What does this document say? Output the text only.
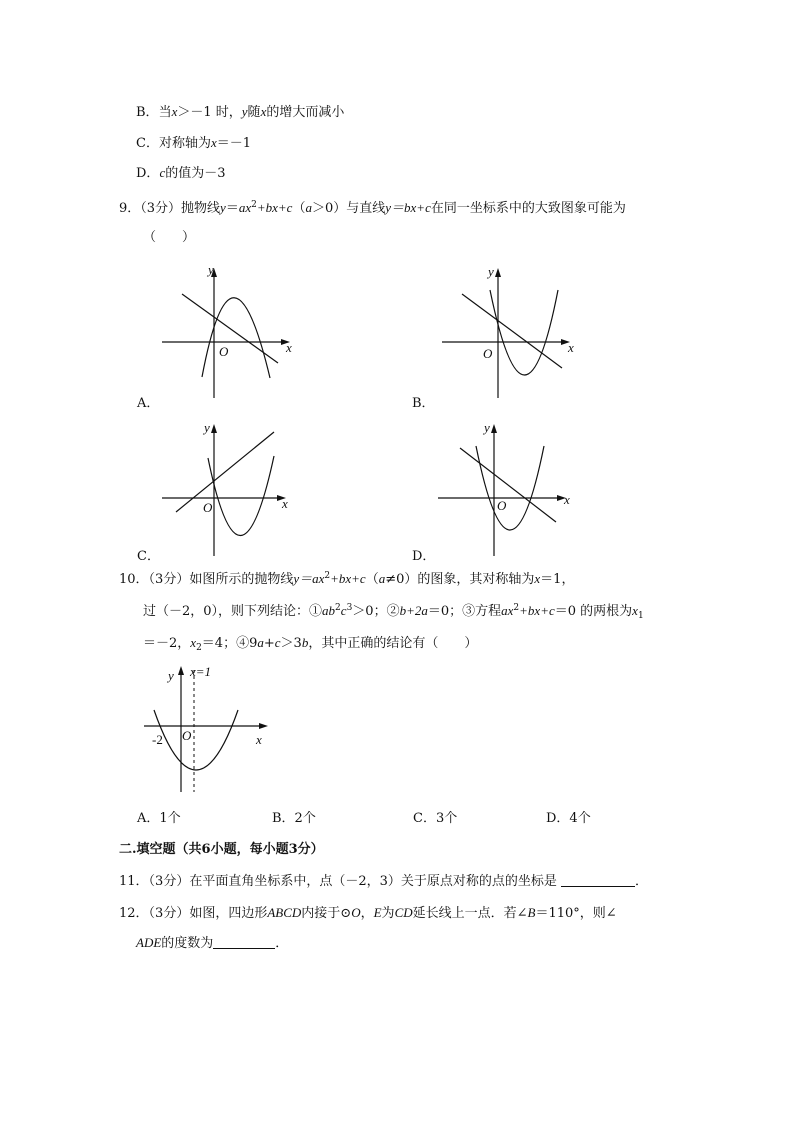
B．当x＞－1 时，y随x的增大而减小
C．对称轴为x＝－1
D．c的值为－3
9．（3分）抛物线$y=ax^2+bx+c(a>0)$与直线y＝bx+c在同一坐标系中的大致图象可能为
（　　）
y
x
O
A．
y
x
O
B．
y
x
O
C．
y
x
O
D．
10．（3分）如图所示的抛物线$y=ax^2+bx+c(a\ne 0)$的图象，其对称轴为x＝1，
过（－2，0），则下列结论：$①ab^2c^3>0$；②b+2a＝0；③方程$ax^2+bx+c=0$ 的两根为$x_1$
＝－2，$x_2=4$；④9a+c＞3b，其中正确的结论有（　　）
y x=1
x
O
-2
A．1个	B．2个	C．3个	D．4个
二.填空题（共6小题，每小题3分）
11．（3分）在平面直角坐标系中，点（－2，3）关于原点对称的点的坐标是	．
12．（3分）如图，四边形ABCD内接于⊙O，E为CD延长线上一点．若∠B＝110°，则∠
ADE的度数为	．
